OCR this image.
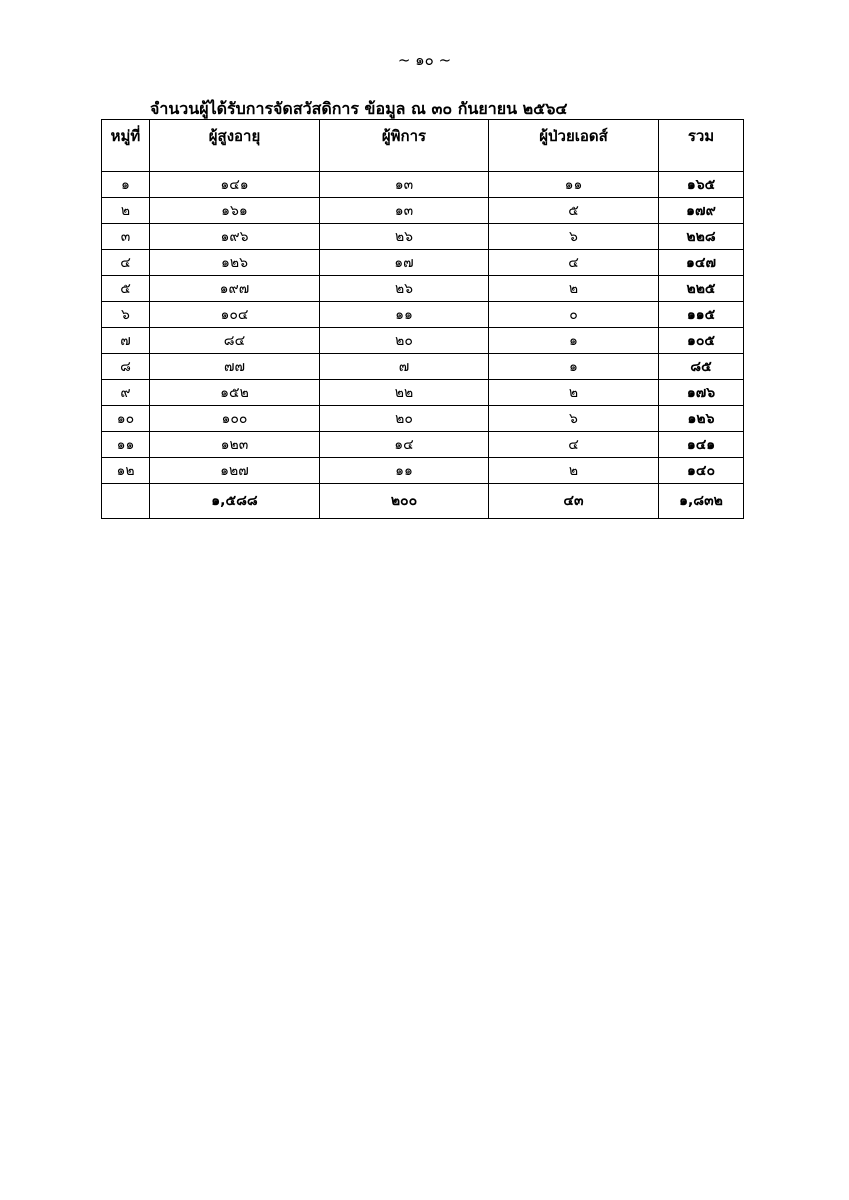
~ ๑๐ ~
จำนวนผู้ได้รับการจัดสวัสดิการ ข้อมูล ณ ๓๐ กันยายน ๒๕๖๔
หมู่ที่	ผู้สูงอายุ	ผู้พิการ	ผู้ป่วยเอดส์	รวม
๑	๑๔๑	๑๓	๑๑	๑๖๕
๒	๑๖๑	๑๓	๕	๑๗๙
๓	๑๙๖	๒๖	๖	๒๒๘
๔	๑๒๖	๑๗	๔	๑๔๗
๕	๑๙๗	๒๖	๒	๒๒๕
๖	๑๐๔	๑๑	๐	๑๑๕
๗	๘๔	๒๐	๑	๑๐๕
๘	๗๗	๗	๑	๘๕
๙	๑๕๒	๒๒	๒	๑๗๖
๑๐	๑๐๐	๒๐	๖	๑๒๖
๑๑	๑๒๓	๑๔	๔	๑๔๑
๑๒	๑๒๗	๑๑	๒	๑๔๐
	๑,๕๘๘	๒๐๐	๔๓	๑,๘๓๒
